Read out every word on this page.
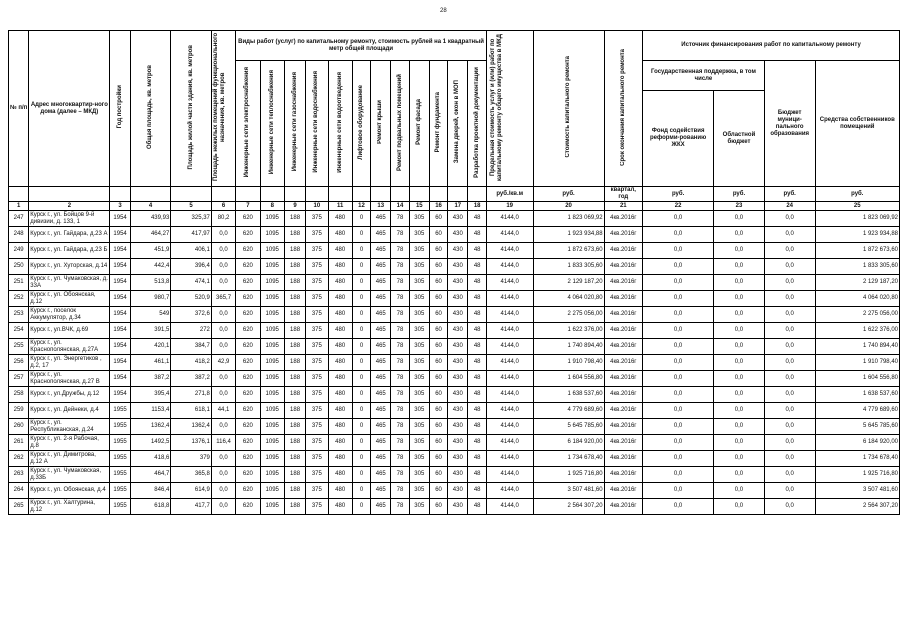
28
№ п/п	Адрес многоквартир-ного дома (далее – МКД)	Год постройки	Общая площадь, кв. метров	Площадь жилой части здания, кв. метров	Площадь нежилых помещений функционального назначения, кв. метров	Виды работ (услуг) по капитальному ремонту, стоимость рублей на 1 квадратный метр общей площади												Предельная стоимость услуг и (или) работ по капитальному ремонту общего имущества в МКД	Стоимость капитального ремонта	Срок окончания капитального ремонта	Источник финансирования работ по капитальному ремонту			
						Инженерные сети электроснабжения	Инженерные сети теплоснабжения	Инженерные сети газоснабжения	Инженерные сети водоснабжения	Инженерные сети водоотведения	Лифтовое оборудование	Ремонт крыши	Ремонт подвальных помещений	Ремонт фасада	Ремонт фундамента	Замена дверей, окон в МОП	Разработка проектной документации				Государственная поддержка, в том числе		Бюджет муници-пального образования	Средства собственников помещений
																					Фонд содействия реформи-рованию ЖКХ	Областной бюджет		
																		руб./кв.м	руб.	квартал, год	руб.	руб.	руб.	руб.
1	2	3	4	5	6	7	8	9	10	11	12	13	14	15	16	17	18	19	20	21	22	23	24	25
247	Курск г., ул. Бойцов 9-й дивизии, д. 133, 1	1954	439,93	325,37	80,2	620	1095	188	375	480	0	465	78	305	60	430	48	4144,0	1 823 069,92	4кв.2016г	0,0	0,0	0,0	1 823 069,92
248	Курск г., ул. Гайдара, д.23 А	1954	464,27	417,97	0,0	620	1095	188	375	480	0	465	78	305	60	430	48	4144,0	1 923 934,88	4кв.2016г	0,0	0,0	0,0	1 923 934,88
249	Курск г., ул. Гайдара, д.23 Б	1954	451,9	406,1	0,0	620	1095	188	375	480	0	465	78	305	60	430	48	4144,0	1 872 673,60	4кв.2016г	0,0	0,0	0,0	1 872 673,60
250	Курск г., ул. Хуторская, д.14	1954	442,4	396,4	0,0	620	1095	188	375	480	0	465	78	305	60	430	48	4144,0	1 833 305,60	4кв.2016г	0,0	0,0	0,0	1 833 305,60
251	Курск г., ул. Чумаковская, д. 33А	1954	513,8	474,1	0,0	620	1095	188	375	480	0	465	78	305	60	430	48	4144,0	2 129 187,20	4кв.2016г	0,0	0,0	0,0	2 129 187,20
252	Курск г., ул. Обоянская, д.12	1954	980,7	520,9	365,7	620	1095	188	375	480	0	465	78	305	60	430	48	4144,0	4 064 020,80	4кв.2016г	0,0	0,0	0,0	4 064 020,80
253	Курск г., поселок Аккумулятор, д.34	1954	549	372,6	0,0	620	1095	188	375	480	0	465	78	305	60	430	48	4144,0	2 275 056,00	4кв.2016г	0,0	0,0	0,0	2 275 056,00
254	Курск г., ул.ВЧК, д.69	1954	391,5	272	0,0	620	1095	188	375	480	0	465	78	305	60	430	48	4144,0	1 622 376,00	4кв.2016г	0,0	0,0	0,0	1 622 376,00
255	Курск г., ул. Краснополянская, д.27А	1954	420,1	384,7	0,0	620	1095	188	375	480	0	465	78	305	60	430	48	4144,0	1 740 894,40	4кв.2016г	0,0	0,0	0,0	1 740 894,40
256	Курск г., ул. Энергетиков , д.2, 17	1954	461,1	418,2	42,9	620	1095	188	375	480	0	465	78	305	60	430	48	4144,0	1 910 798,40	4кв.2016г	0,0	0,0	0,0	1 910 798,40
257	Курск г., ул. Краснополянская, д.27 В	1954	387,2	387,2	0,0	620	1095	188	375	480	0	465	78	305	60	430	48	4144,0	1 604 556,80	4кв.2016г	0,0	0,0	0,0	1 604 556,80
258	Курск г., ул.Дружбы, д.12	1954	395,4	271,8	0,0	620	1095	188	375	480	0	465	78	305	60	430	48	4144,0	1 638 537,60	4кв.2016г	0,0	0,0	0,0	1 638 537,60
259	Курск г., ул. Дейнеки, д.4	1955	1153,4	618,1	44,1	620	1095	188	375	480	0	465	78	305	60	430	48	4144,0	4 779 689,60	4кв.2016г	0,0	0,0	0,0	4 779 689,60
260	Курск г., ул. Республиканская, д.24	1955	1362,4	1362,4	0,0	620	1095	188	375	480	0	465	78	305	60	430	48	4144,0	5 645 785,60	4кв.2016г	0,0	0,0	0,0	5 645 785,60
261	Курск г., ул. 2-я Рабочая, д.8	1955	1492,5	1376,1	116,4	620	1095	188	375	480	0	465	78	305	60	430	48	4144,0	6 184 920,00	4кв.2016г	0,0	0,0	0,0	6 184 920,00
262	Курск г., ул. Димитрова, д.12 А	1955	418,6	379	0,0	620	1095	188	375	480	0	465	78	305	60	430	48	4144,0	1 734 678,40	4кв.2016г	0,0	0,0	0,0	1 734 678,40
263	Курск г., ул. Чумаковская, д.33Б	1955	464,7	365,8	0,0	620	1095	188	375	480	0	465	78	305	60	430	48	4144,0	1 925 716,80	4кв.2016г	0,0	0,0	0,0	1 925 716,80
264	Курск г., ул. Обоянская, д.4	1955	846,4	614,9	0,0	620	1095	188	375	480	0	465	78	305	60	430	48	4144,0	3 507 481,60	4кв.2016г	0,0	0,0	0,0	3 507 481,60
265	Курск г., ул. Халтурина, д.12	1955	618,8	417,7	0,0	620	1095	188	375	480	0	465	78	305	60	430	48	4144,0	2 564 307,20	4кв.2016г	0,0	0,0	0,0	2 564 307,20
